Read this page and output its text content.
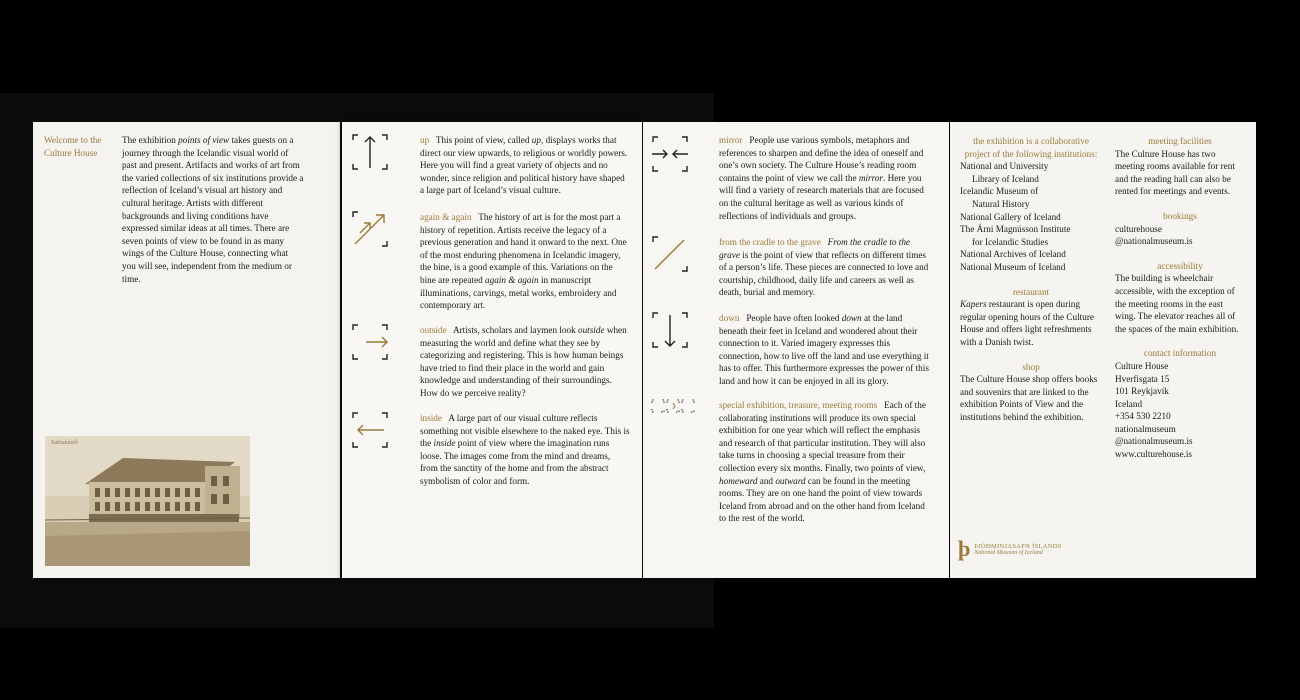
Welcome to the Culture House
The exhibition points of view takes guests on a journey through the Icelandic visual world of past and present. Artifacts and works of art from the varied collections of six institutions provide a reflection of Iceland’s visual art history and cultural heritage. Artists with different backgrounds and living conditions have expressed similar ideas at all times. There are seven points of view to be found in as many wings of the Culture House, connecting what you will see, independent from the medium or time.
Safnahúsið
up This point of view, called up, displays works that direct our view upwards, to religious or worldly powers. Here you will find a great variety of objects and no wonder, since religion and political history have shaped a large part of Iceland’s visual culture.
again & again The history of art is for the most part a history of repetition. Artists receive the legacy of a previous generation and hand it onward to the next. One of the most enduring phenomena in Icelandic imagery, the bine, is a good example of this. Variations on the bine are repeated again & again in manuscript illuminations, carvings, metal works, embroidery and contemporary art.
outside Artists, scholars and laymen look outside when measuring the world and define what they see by categorizing and registering. This is how human beings have tried to find their place in the world and gain knowledge and understanding of their surroundings. How do we perceive reality?
inside A large part of our visual culture reflects something not visible elsewhere to the naked eye. This is the inside point of view where the imagination runs loose. The images come from the mind and dreams, from the sanctity of the home and from the abstract symbolism of color and form.
mirror People use various symbols, metaphors and references to sharpen and define the idea of oneself and one’s own society. The Culture House’s reading room contains the point of view we call the mirror. Here you will find a variety of research materials that are focused on the cultural heritage as well as various kinds of reflections of individuals and groups.
from the cradle to the grave From the cradle to the grave is the point of view that reflects on different times of a person’s life. These pieces are connected to love and courtship, childhood, daily life and careers as well as death, burial and memory.
down People have often looked down at the land beneath their feet in Iceland and wondered about their connection to it. Varied imagery expresses this connection, how to live off the land and use everything it has to offer. This furthermore expresses the power of this land and how it can be enjoyed in all its glory.
special exhibition, treasure, meeting rooms Each of the collaborating institutions will produce its own special exhibition for one year which will reflect the emphasis and research of that particular institution. They will also take turns in choosing a special treasure from their collection every six months. Finally, two points of view, homeward and outward can be found in the meeting rooms. They are on one hand the point of view towards Iceland from abroad and on the other hand from Iceland to the rest of the world.
the exhibition is a collaborative project of the following institutions:
National and University
Library of Iceland
Icelandic Museum of
Natural History
National Gallery of Iceland
The Árni Magnússon Institute
for Icelandic Studies
National Archives of Iceland
National Museum of Iceland
restaurant
Kapers restaurant is open during regular opening hours of the Culture House and offers light refreshments with a Danish twist.
shop
The Culture House shop offers books and souvenirs that are linked to the exhibition Points of View and the institutions behind the exhibition.
meeting facilities
The Culture House has two meeting rooms available for rent and the reading hall can also be rented for meetings and events.
bookings
culturehouse
@nationalmuseum.is
accessibility
The building is wheelchair accessible, with the exception of the meeting rooms in the east wing. The elevator reaches all of the spaces of the main exhibition.
contact information
Culture House
Hverfisgata 15
101 Reykjavík
Iceland
+354 530 2210
nationalmuseum
@nationalmuseum.is
www.culturehouse.is
þ ÞJÓÐMINJASAFN ÍSLANDS
National Museum of Iceland
